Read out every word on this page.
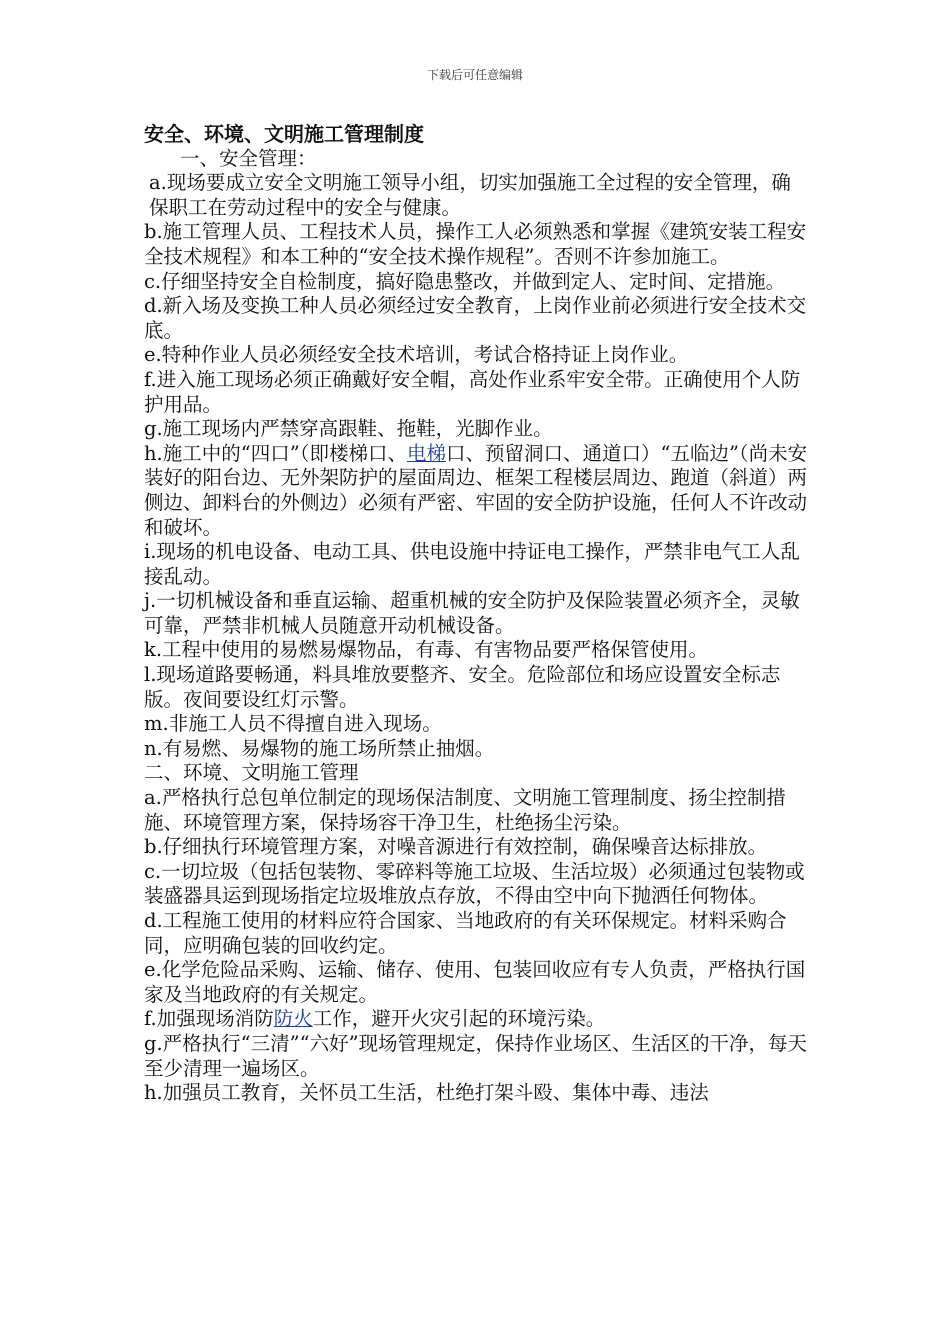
下载后可任意编辑

安全、环境、文明施工管理制度

一、安全管理：

a.现场要成立安全文明施工领导小组，切实加强施工全过程的安全管理，确保职工在劳动过程中的安全与健康。

b.施工管理人员、工程技术人员，操作工人必须熟悉和掌握《建筑安装工程安全技术规程》和本工种的“安全技术操作规程”。否则不许参加施工。

c.仔细坚持安全自检制度，搞好隐患整改，并做到定人、定时间、定措施。

d.新入场及变换工种人员必须经过安全教育，上岗作业前必须进行安全技术交底。

e.特种作业人员必须经安全技术培训，考试合格持证上岗作业。

f.进入施工现场必须正确戴好安全帽，高处作业系牢安全带。正确使用个人防护用品。

g.施工现场内严禁穿高跟鞋、拖鞋，光脚作业。

h.施工中的“四口”（即楼梯口、电梯口、预留洞口、通道口）“五临边”（尚未安装好的阳台边、无外架防护的屋面周边、框架工程楼层周边、跑道（斜道）两侧边、卸料台的外侧边）必须有严密、牢固的安全防护设施，任何人不许改动和破坏。

i.现场的机电设备、电动工具、供电设施中持证电工操作，严禁非电气工人乱接乱动。

j.一切机械设备和垂直运输、超重机械的安全防护及保险装置必须齐全，灵敏可靠，严禁非机械人员随意开动机械设备。

k.工程中使用的易燃易爆物品，有毒、有害物品要严格保管使用。

l.现场道路要畅通，料具堆放要整齐、安全。危险部位和场应设置安全标志版。夜间要设红灯示警。

m.非施工人员不得擅自进入现场。

n.有易燃、易爆物的施工场所禁止抽烟。

二、环境、文明施工管理

a.严格执行总包单位制定的现场保洁制度、文明施工管理制度、扬尘控制措施、环境管理方案，保持场容干净卫生，杜绝扬尘污染。

b.仔细执行环境管理方案，对噪音源进行有效控制，确保噪音达标排放。

c.一切垃圾（包括包装物、零碎料等施工垃圾、生活垃圾）必须通过包装物或装盛器具运到现场指定垃圾堆放点存放，不得由空中向下抛洒任何物体。

d.工程施工使用的材料应符合国家、当地政府的有关环保规定。材料采购合同，应明确包装的回收约定。

e.化学危险品采购、运输、储存、使用、包装回收应有专人负责，严格执行国家及当地政府的有关规定。

f.加强现场消防防火工作，避开火灾引起的环境污染。

g.严格执行“三清”“六好”现场管理规定，保持作业场区、生活区的干净，每天至少清理一遍场区。

h.加强员工教育，关怀员工生活，杜绝打架斗殴、集体中毒、违法
